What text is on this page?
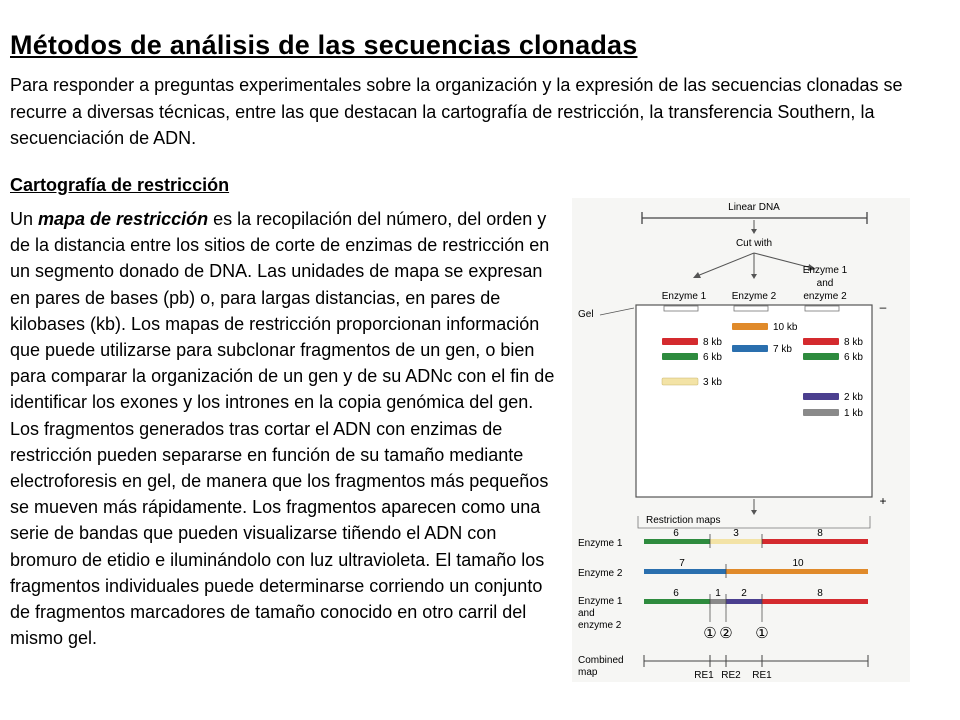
Métodos de análisis de las secuencias clonadas
Para responder a preguntas experimentales sobre la organización y la expresión de las secuencias clonadas se recurre a diversas técnicas, entre las que destacan la cartografía de restricción, la transferencia Southern, la secuenciación de ADN.
Cartografía de restricción
Un mapa de restricción es la recopilación del número, del orden y de la distancia entre los sitios de corte de enzimas de restricción en un segmento donado de DNA. Las unidades de mapa se expresan en pares de bases (pb) o, para largas distancias, en pares de kilobases (kb). Los mapas de restricción proporcionan información que puede utilizarse para subclonar fragmentos de un gen, o bien para comparar la organización de un gen y de su ADNc con el fin de identificar los exones y los intrones en la copia genómica del gen.
Los fragmentos generados tras cortar el ADN con enzimas de restricción pueden separarse en función de su tamaño mediante electroforesis en gel, de manera que los fragmentos más pequeños se mueven más rápidamente. Los fragmentos aparecen como una serie de bandas que pueden visualizarse tiñendo el ADN con bromuro de etidio e iluminándolo con luz ultravioleta. El tamaño los fragmentos individuales puede determinarse corriendo un conjunto de fragmentos marcadores de tamaño conocido en otro carril del mismo gel.
Linear DNA
Cut with
Enzyme 1	Enzyme 2
Enzyme 1
and
enzyme 2
Gel
–
+
8 kb
6 kb
3 kb
10 kb
7 kb
8 kb
6 kb
2 kb
1 kb
Restriction maps
Enzyme 1
6	3	8
Enzyme 2
7	10
Enzyme 1
and
enzyme 2
6	1 2	8
① ② ①
Combined
map	RE1 RE2 RE1
